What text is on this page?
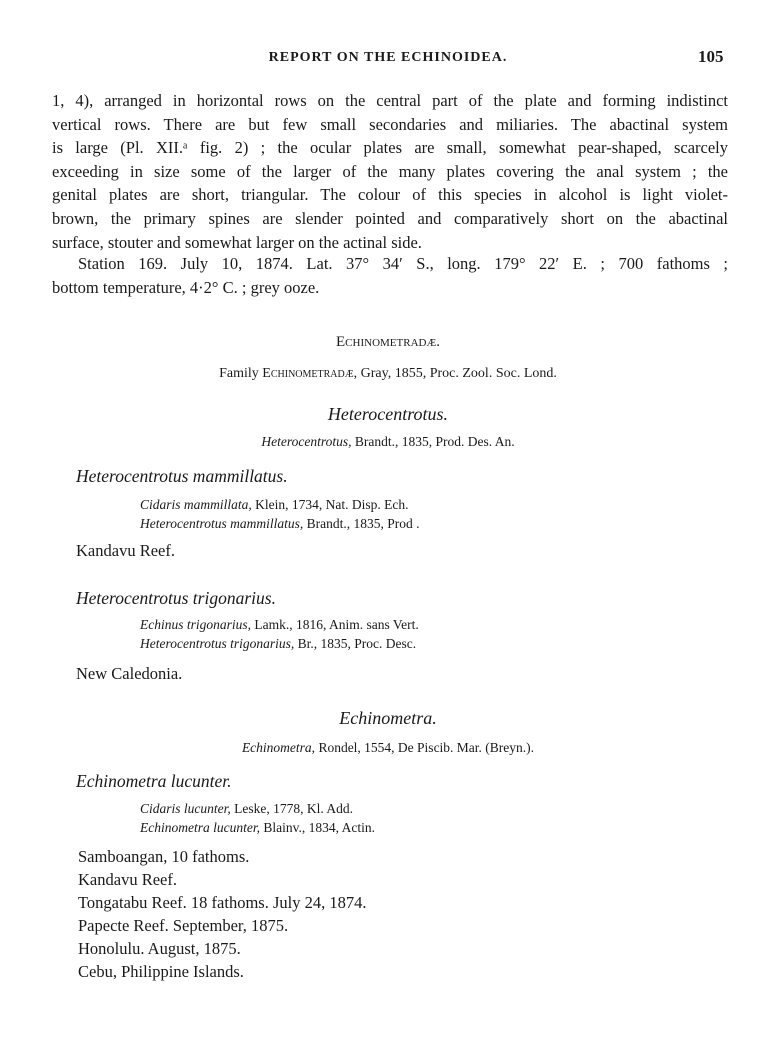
REPORT ON THE ECHINOIDEA.	105
1, 4), arranged in horizontal rows on the central part of the plate and forming indistinct
vertical rows. There are but few small secondaries and miliaries. The abactinal system
is large (Pl. XII.ᵃ fig. 2) ; the ocular plates are small, somewhat pear-shaped, scarcely
exceeding in size some of the larger of the many plates covering the anal system ; the
genital plates are short, triangular. The colour of this species in alcohol is light violet-
brown, the primary spines are slender pointed and comparatively short on the abactinal
surface, stouter and somewhat larger on the actinal side.
Station 169. July 10, 1874. Lat. 37° 34′ S., long. 179° 22′ E. ; 700 fathoms ;
bottom temperature, 4·2° C. ; grey ooze.
Echinometradæ.
Family Echinometradæ, Gray, 1855, Proc. Zool. Soc. Lond.
Heterocentrotus.
Heterocentrotus, Brandt., 1835, Prod. Des. An.
Heterocentrotus mammillatus.
Cidaris mammillata, Klein, 1734, Nat. Disp. Ech.
Heterocentrotus mammillatus, Brandt., 1835, Prod .
Kandavu Reef.
Heterocentrotus trigonarius.
Echinus trigonarius, Lamk., 1816, Anim. sans Vert.
Heterocentrotus trigonarius, Br., 1835, Proc. Desc.
New Caledonia.
Echinometra.
Echinometra, Rondel, 1554, De Piscib. Mar. (Breyn.).
Echinometra lucunter.
Cidaris lucunter, Leske, 1778, Kl. Add.
Echinometra lucunter, Blainv., 1834, Actin.
Samboangan, 10 fathoms.
Kandavu Reef.
Tongatabu Reef. 18 fathoms. July 24, 1874.
Papecte Reef. September, 1875.
Honolulu. August, 1875.
Cebu, Philippine Islands.
